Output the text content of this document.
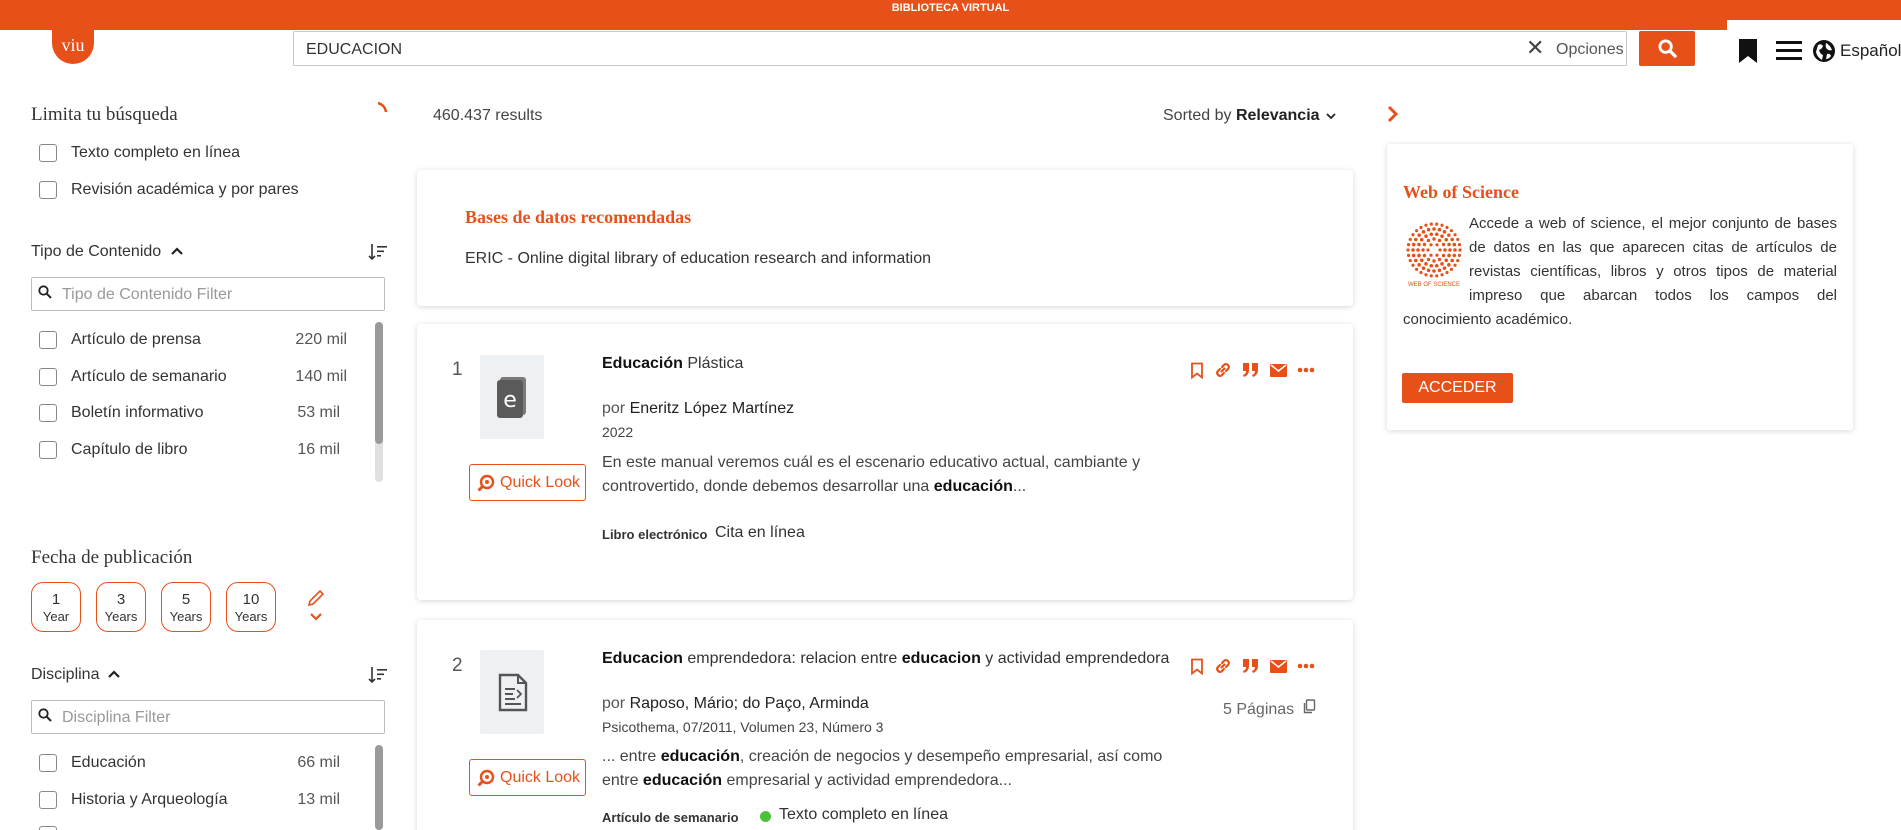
BIBLIOTECA VIRTUAL
viu	Universidad
EDUCACION	✕ Opciones	Español
Limita tu búsqueda
Texto completo en línea
Revisión académica y por pares
Tipo de Contenido
Tipo de Contenido Filter
Artículo de prensa	220 mil
Artículo de semanario	140 mil
Boletín informativo	53 mil
Capítulo de libro	16 mil
Fecha de publicación
1
Year
3
Years
5
Years
10
Years
Disciplina
Disciplina Filter
Educación	66 mil
Historia y Arqueología	13 mil
460.437 results	Sorted by Relevancia
Bases de datos recomendadas
ERIC - Online digital library of education research and information
1
e
Quick Look
Educación Plástica
por Eneritz López Martínez
2022
En este manual veremos cuál es el escenario educativo actual, cambiante y controvertido, donde debemos desarrollar una educación...
Libro electrónico Cita en línea
2
Quick Look
Educacion emprendedora: relacion entre educacion y actividad emprendedora
por Raposo, Mário; do Paço, Arminda
Psicothema, 07/2011, Volumen 23, Número 3
5 Páginas
... entre educación, creación de negocios y desempeño empresarial, así como
entre educación empresarial y actividad emprendedora...
Artículo de semanario	Texto completo en línea
Web of Science
WEB OF SCIENCE
Accede a web of science, el mejor conjunto de bases de datos en las que aparecen citas de artículos de revistas científicas, libros y otros tipos de material impreso que abarcan todos los campos del conocimiento académico.
ACCEDER
